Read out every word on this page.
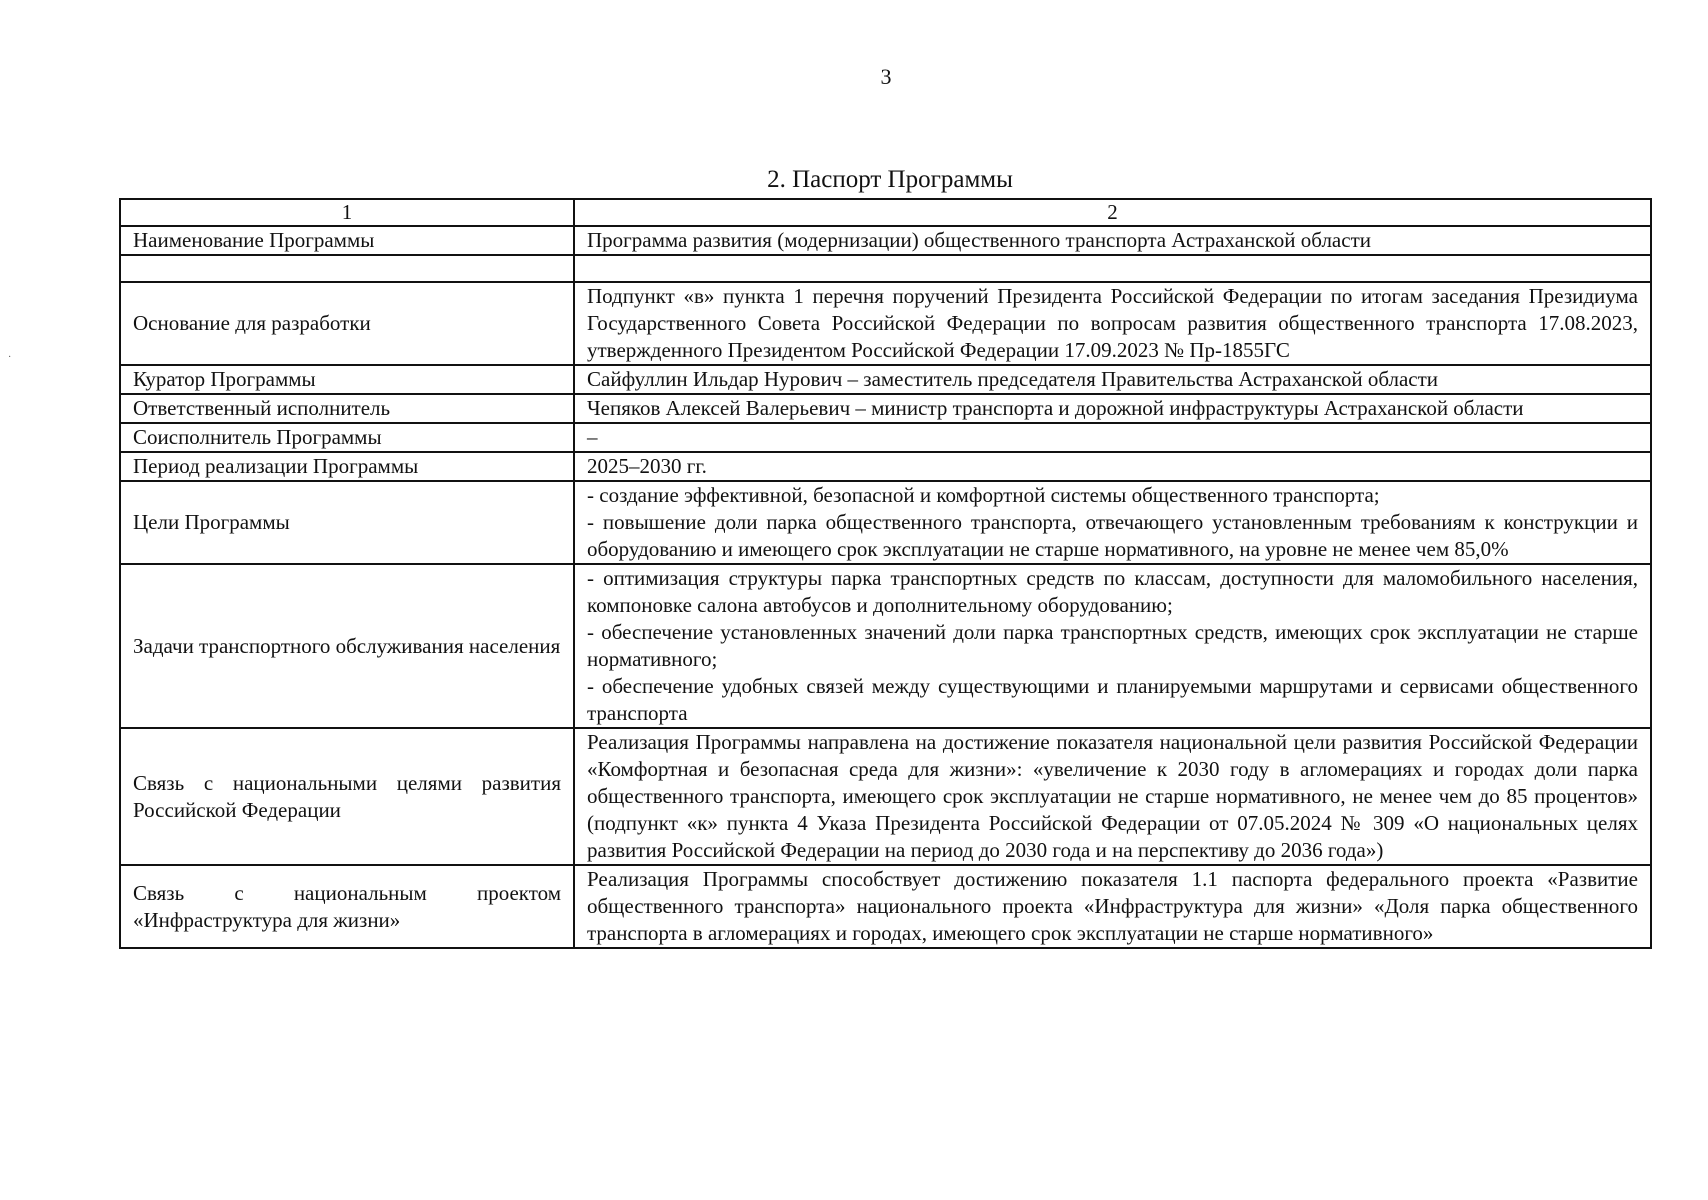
3
·
2. Паспорт Программы
1	2
Наименование Программы	Программа развития (модернизации) общественного транспорта Астраханской области

Основание для разработки	Подпункт «в» пункта 1 перечня поручений Президента Российской Федерации по итогам заседания Президиума Государственного Совета Российской Федерации по вопросам развития общественного транспорта 17.08.2023, утвержденного Президентом Российской Федерации 17.09.2023 № Пр-1855ГС
Куратор Программы	Сайфуллин Ильдар Нурович – заместитель председателя Правительства Астраханской области
Ответственный исполнитель	Чепяков Алексей Валерьевич – министр транспорта и дорожной инфраструктуры Астраханской области
Соисполнитель Программы	–
Период реализации Программы	2025–2030 гг.
Цели Программы	- создание эффективной, безопасной и комфортной системы общественного транспорта;
- повышение доли парка общественного транспорта, отвечающего установленным требованиям к конструкции и оборудованию и имеющего срок эксплуатации не старше нормативного, на уровне не менее чем 85,0%

Задачи транспортного обслуживания населения	- оптимизация структуры парка транспортных средств по классам, доступности для маломобильного населения, компоновке салона автобусов и дополнительному оборудованию;
- обеспечение установленных значений доли парка транспортных средств, имеющих срок эксплуатации не старше нормативного;
- обеспечение удобных связей между существующими и планируемыми маршрутами и сервисами общественного транспорта

Связь с национальными целями развития Российской Федерации	Реализация Программы направлена на достижение показателя национальной цели развития Российской Федерации «Комфортная и безопасная среда для жизни»: «увеличение к 2030 году в агломерациях и городах доли парка общественного транспорта, имеющего срок эксплуатации не старше нормативного, не менее чем до 85 процентов» (подпункт «к» пункта 4 Указа Президента Российской Федерации от 07.05.2024 № 309 «О национальных целях развития Российской Федерации на период до 2030 года и на перспективу до 2036 года»)
Связь с национальным проектом «Инфраструктура для жизни»	Реализация Программы способствует достижению показателя 1.1 паспорта федерального проекта «Развитие общественного транспорта» национального проекта «Инфраструктура для жизни» «Доля парка общественного транспорта в агломерациях и городах, имеющего срок эксплуатации не старше нормативного»
